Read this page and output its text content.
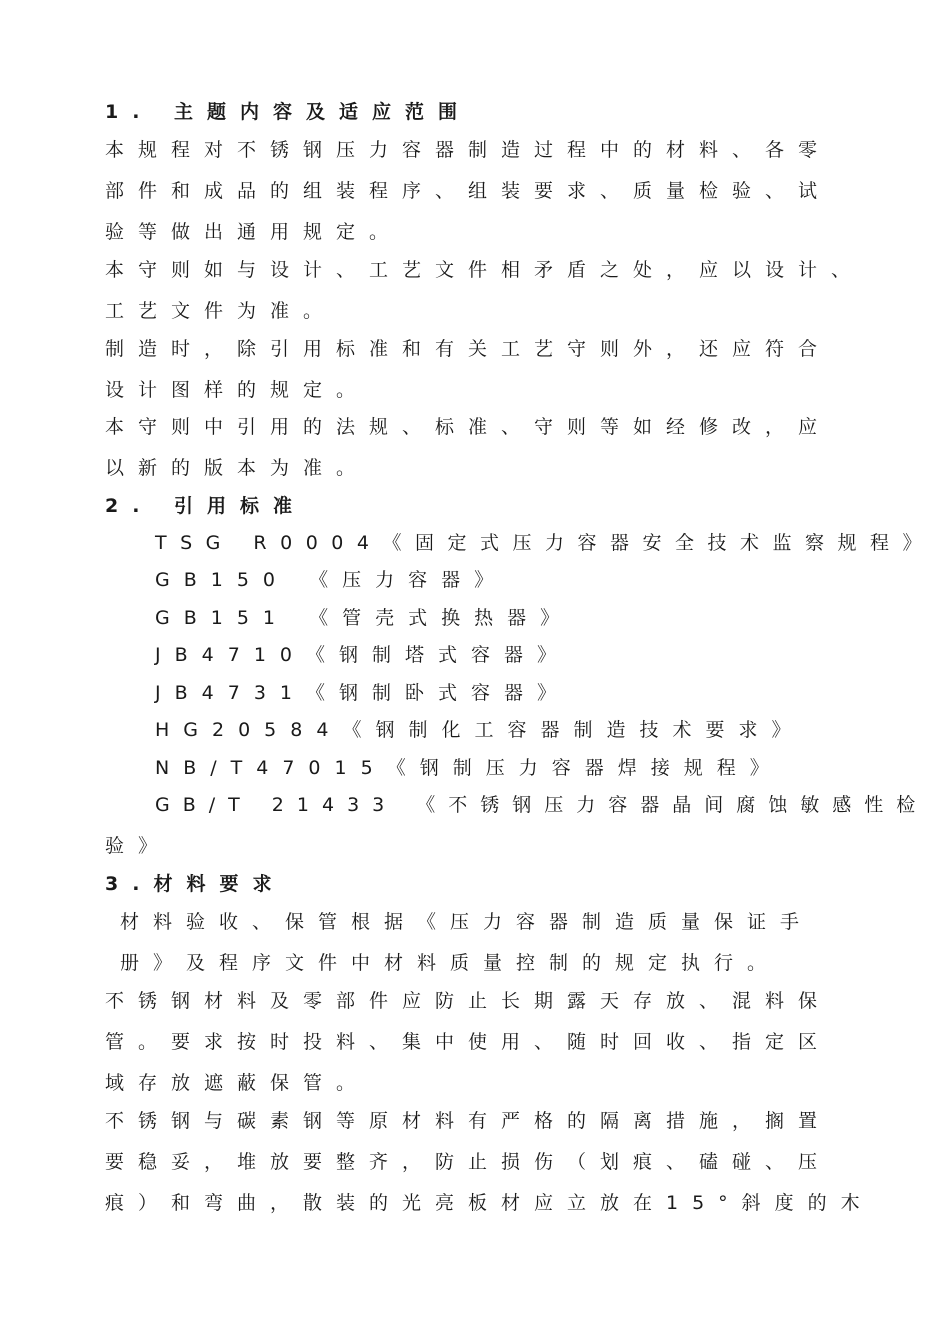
1. 主题内容及适应范围
本规程对不锈钢压力容器制造过程中的材料、各零
部件和成品的组装程序、组装要求、质量检验、试
验等做出通用规定。
本守则如与设计、工艺文件相矛盾之处，应以设计、
工艺文件为准。
制造时，除引用标准和有关工艺守则外，还应符合
设计图样的规定。
本守则中引用的法规、标准、守则等如经修改，应
以新的版本为准。
2. 引用标准
TSG R0004《固定式压力容器安全技术监察规程》
GB150 《压力容器》
GB151 《管壳式换热器》
JB4710《钢制塔式容器》
JB4731《钢制卧式容器》
HG20584《钢制化工容器制造技术要求》
NB/T47015《钢制压力容器焊接规程》
GB/T 21433 《不锈钢压力容器晶间腐蚀敏感性检
验》
3.材料要求
材料验收、保管根据《压力容器制造质量保证手
册》及程序文件中材料质量控制的规定执行。
不锈钢材料及零部件应防止长期露天存放、混料保
管。要求按时投料、集中使用、随时回收、指定区
域存放遮蔽保管。
不锈钢与碳素钢等原材料有严格的隔离措施，搁置
要稳妥，堆放要整齐，防止损伤（划痕、磕碰、压
痕）和弯曲，散装的光亮板材应立放在15°斜度的木
